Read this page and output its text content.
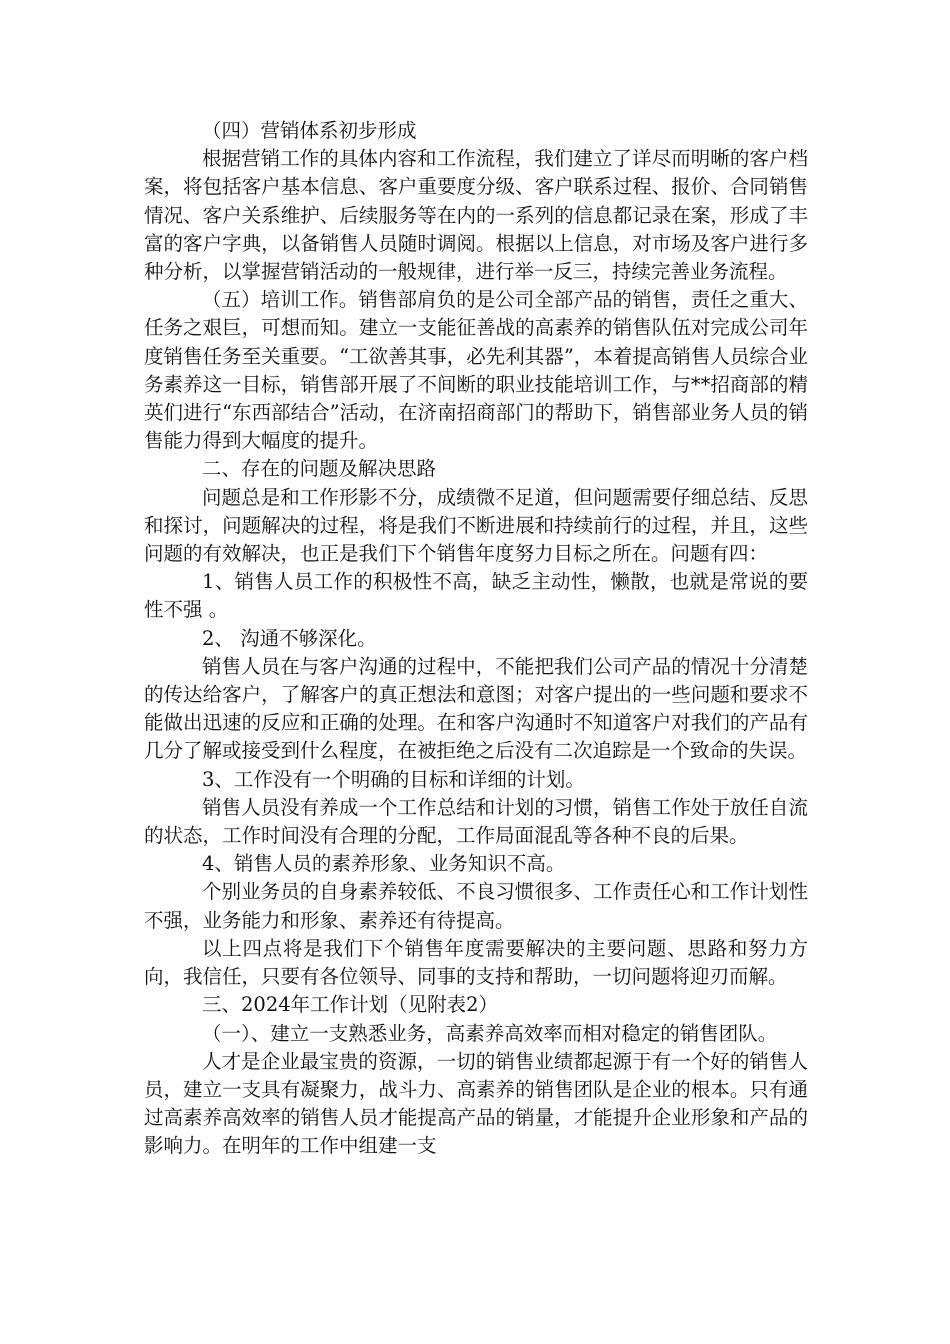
（四）营销体系初步形成

根据营销工作的具体内容和工作流程，我们建立了详尽而明晰的客户档案，将包括客户基本信息、客户重要度分级、客户联系过程、报价、合同销售情况、客户关系维护、后续服务等在内的一系列的信息都记录在案，形成了丰富的客户字典，以备销售人员随时调阅。根据以上信息，对市场及客户进行多种分析，以掌握营销活动的一般规律，进行举一反三，持续完善业务流程。

（五）培训工作。销售部肩负的是公司全部产品的销售，责任之重大、任务之艰巨，可想而知。建立一支能征善战的高素养的销售队伍对完成公司年度销售任务至关重要。“工欲善其事，必先利其器”，本着提高销售人员综合业务素养这一目标，销售部开展了不间断的职业技能培训工作，与**招商部的精英们进行“东西部结合”活动，在济南招商部门的帮助下，销售部业务人员的销售能力得到大幅度的提升。

二、存在的问题及解决思路

问题总是和工作形影不分，成绩微不足道，但问题需要仔细总结、反思和探讨，问题解决的过程，将是我们不断进展和持续前行的过程，并且，这些问题的有效解决，也正是我们下个销售年度努力目标之所在。问题有四：

1、销售人员工作的积极性不高，缺乏主动性，懒散，也就是常说的要性不强 。

2、 沟通不够深化。

销售人员在与客户沟通的过程中，不能把我们公司产品的情况十分清楚的传达给客户，了解客户的真正想法和意图；对客户提出的一些问题和要求不能做出迅速的反应和正确的处理。在和客户沟通时不知道客户对我们的产品有几分了解或接受到什么程度，在被拒绝之后没有二次追踪是一个致命的失误。

3、工作没有一个明确的目标和详细的计划。

销售人员没有养成一个工作总结和计划的习惯，销售工作处于放任自流的状态，工作时间没有合理的分配，工作局面混乱等各种不良的后果。

4、销售人员的素养形象、业务知识不高。

个别业务员的自身素养较低、不良习惯很多、工作责任心和工作计划性不强，业务能力和形象、素养还有待提高。

以上四点将是我们下个销售年度需要解决的主要问题、思路和努力方向，我信任，只要有各位领导、同事的支持和帮助，一切问题将迎刃而解。

三、2024年工作计划（见附表2）

（一）、建立一支熟悉业务，高素养高效率而相对稳定的销售团队。

人才是企业最宝贵的资源，一切的销售业绩都起源于有一个好的销售人员，建立一支具有凝聚力，战斗力、高素养的销售团队是企业的根本。只有通过高素养高效率的销售人员才能提高产品的销量，才能提升企业形象和产品的影响力。在明年的工作中组建一支
